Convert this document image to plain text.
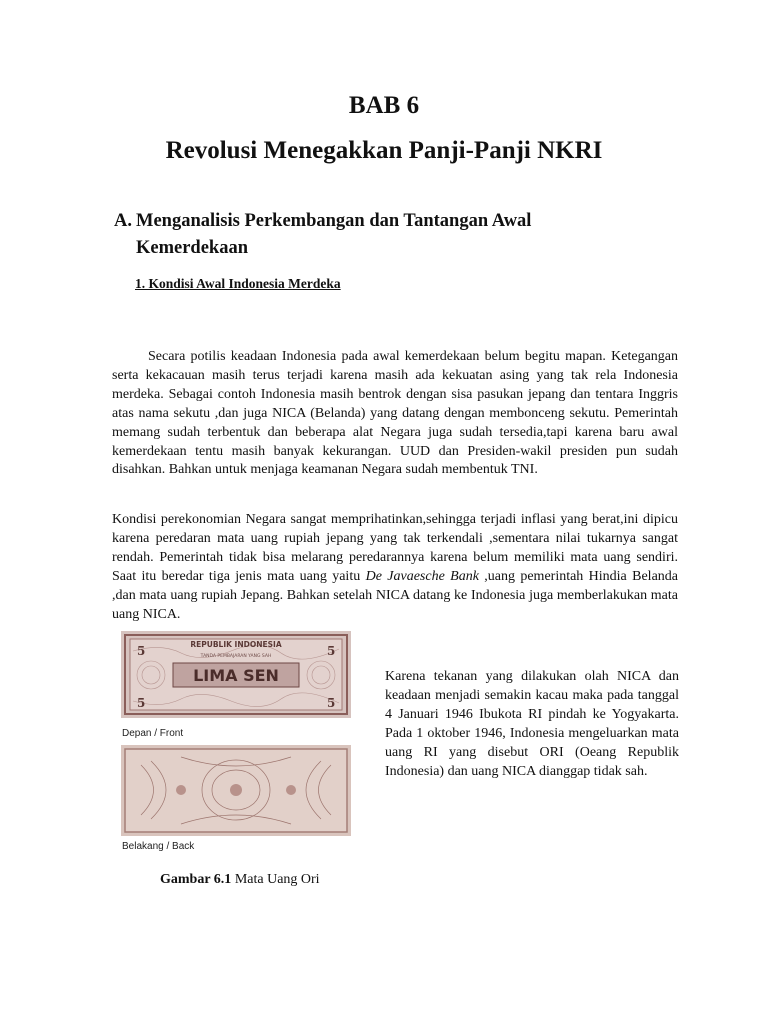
BAB 6
Revolusi Menegakkan Panji-Panji NKRI
A. Menganalisis Perkembangan dan Tantangan Awal Kemerdekaan
1. Kondisi Awal Indonesia Merdeka

Secara potilis keadaan Indonesia pada awal kemerdekaan belum begitu mapan. Ketegangan serta kekacauan masih terus terjadi karena masih ada kekuatan asing yang tak rela Indonesia merdeka. Sebagai contoh Indonesia masih bentrok dengan sisa pasukan jepang dan tentara Inggris atas nama sekutu ,dan juga NICA (Belanda) yang datang dengan membonceng sekutu. Pemerintah memang sudah terbentuk dan beberapa alat Negara juga sudah tersedia,tapi karena baru awal kemerdekaan tentu masih banyak kekurangan. UUD dan Presiden-wakil presiden pun sudah disahkan. Bahkan untuk menjaga keamanan Negara sudah membentuk TNI.

Kondisi perekonomian Negara sangat memprihatinkan,sehingga terjadi inflasi yang berat,ini dipicu karena peredaran mata uang rupiah jepang yang tak terkendali ,sementara nilai tukarnya sangat rendah. Pemerintah tidak bisa melarang peredarannya karena belum memiliki mata uang sendiri. Saat itu beredar tiga jenis mata uang yaitu De Javaesche Bank ,uang pemerintah Hindia Belanda ,dan mata uang rupiah Jepang. Bahkan setelah NICA datang ke Indonesia juga memberlakukan mata uang NICA.

LIMA SEN
REPUBLIK INDONESIA
TANDA PEMBAJARAN YANG SAH
5	5
5	5
Depan / Front
Belakang / Back

Karena tekanan yang dilakukan olah NICA dan keadaan menjadi semakin kacau maka pada tanggal 4 Januari 1946 Ibukota RI pindah ke Yogyakarta. Pada 1 oktober 1946, Indonesia mengeluarkan mata uang RI yang disebut ORI (Oeang Republik Indonesia) dan uang NICA dianggap tidak sah.

Gambar 6.1 Mata Uang Ori
